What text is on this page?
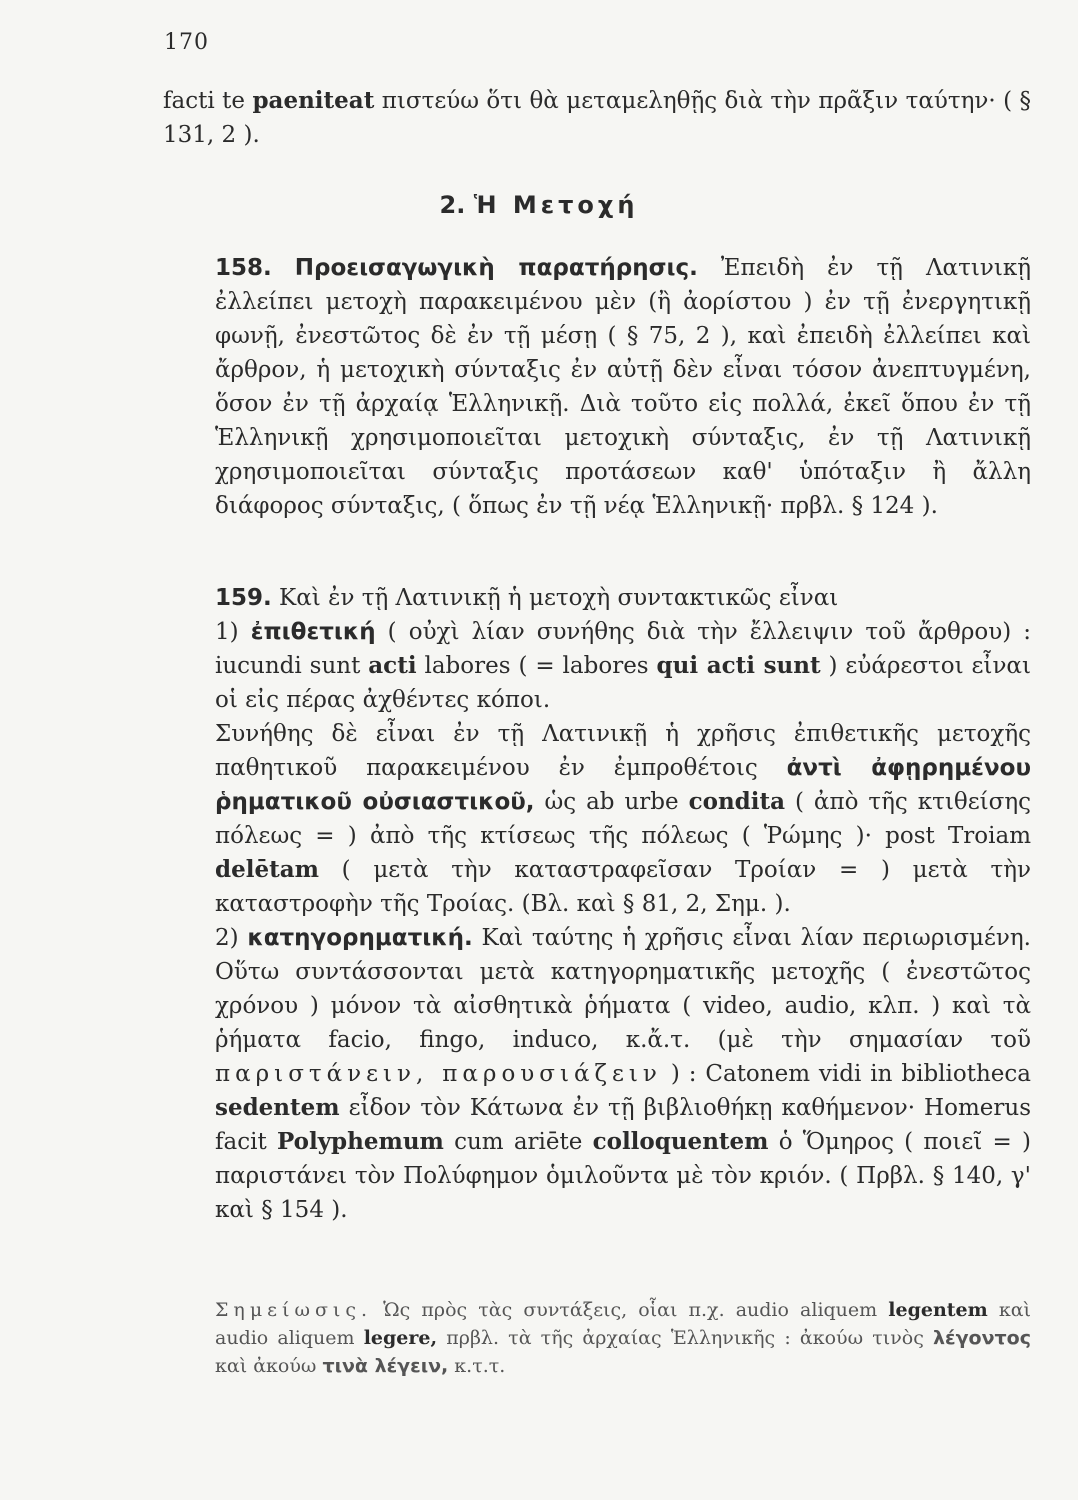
170

facti te paeniteat πιστεύω ὅτι θὰ μεταμεληθῇς διὰ τὴν πρᾶξιν ταύτην· ( § 131, 2 ).

2. Ἡ Μετοχή

158. Προεισαγωγικὴ παρατήρησις. Ἐπειδὴ ἐν τῇ Λατινικῇ ἐλλείπει μετοχὴ παρακειμένου μὲν (ἢ ἀορίστου ) ἐν τῇ ἐνεργητικῇ φωνῇ, ἐνεστῶτος δὲ ἐν τῇ μέσῃ ( § 75, 2 ), καὶ ἐπειδὴ ἐλλείπει καὶ ἄρθρον, ἡ μετοχικὴ σύνταξις ἐν αὐτῇ δὲν εἶναι τόσον ἀνεπτυγμένη, ὅσον ἐν τῇ ἀρχαίᾳ Ἑλληνικῇ. Διὰ τοῦτο εἰς πολλά, ἐκεῖ ὅπου ἐν τῇ Ἑλληνικῇ χρησιμοποιεῖται μετοχικὴ σύνταξις, ἐν τῇ Λατινικῇ χρησιμοποιεῖται σύνταξις προτάσεων καθ' ὑπόταξιν ἢ ἄλλη διάφορος σύνταξις, ( ὅπως ἐν τῇ νέᾳ Ἑλληνικῇ· πρβλ. § 124 ).

159. Καὶ ἐν τῇ Λατινικῇ ἡ μετοχὴ συντακτικῶς εἶναι

1) ἐπιθετική ( οὐχὶ λίαν συνήθης διὰ τὴν ἔλλειψιν τοῦ ἄρθρου) : iucundi sunt acti labores ( = labores qui acti sunt ) εὐάρεστοι εἶναι οἱ εἰς πέρας ἀχθέντες κόποι.

Συνήθης δὲ εἶναι ἐν τῇ Λατινικῇ ἡ χρῆσις ἐπιθετικῆς μετοχῆς παθητικοῦ παρακειμένου ἐν ἐμπροθέτοις ἀντὶ ἀφῃρημένου ῥηματικοῦ οὐσιαστικοῦ, ὡς ab urbe condita ( ἀπὸ τῆς κτιθείσης πόλεως = ) ἀπὸ τῆς κτίσεως τῆς πόλεως ( Ῥώμης )· post Troiam delētam ( μετὰ τὴν καταστραφεῖσαν Τροίαν = ) μετὰ τὴν καταστροφὴν τῆς Τροίας. (Βλ. καὶ § 81, 2, Σημ. ).

2) κατηγορηματική. Καὶ ταύτης ἡ χρῆσις εἶναι λίαν περιωρισμένη. Οὕτω συντάσσονται μετὰ κατηγορηματικῆς μετοχῆς ( ἐνεστῶτος χρόνου ) μόνον τὰ αἰσθητικὰ ῥήματα ( video, audio, κλπ. ) καὶ τὰ ῥήματα facio, fingo, induco, κ.ἄ.τ. (μὲ τὴν σημασίαν τοῦ παριστάνειν, παρουσιάζειν ) : Catonem vidi in bibliotheca sedentem εἶδον τὸν Κάτωνα ἐν τῇ βιβλιοθήκῃ καθήμενον· Homerus facit Polyphemum cum ariēte colloquentem ὁ Ὅμηρος ( ποιεῖ = ) παριστάνει τὸν Πολύφημον ὁμιλοῦντα μὲ τὸν κριόν. ( Πρβλ. § 140, γ' καὶ § 154 ).

Σημείωσις. Ὡς πρὸς τὰς συντάξεις, οἷαι π.χ. audio aliquem legentem καὶ audio aliquem legere, πρβλ. τὰ τῆς ἀρχαίας Ἑλληνικῆς : ἀκούω τινὸς λέγοντος καὶ ἀκούω τινὰ λέγειν, κ.τ.τ.
